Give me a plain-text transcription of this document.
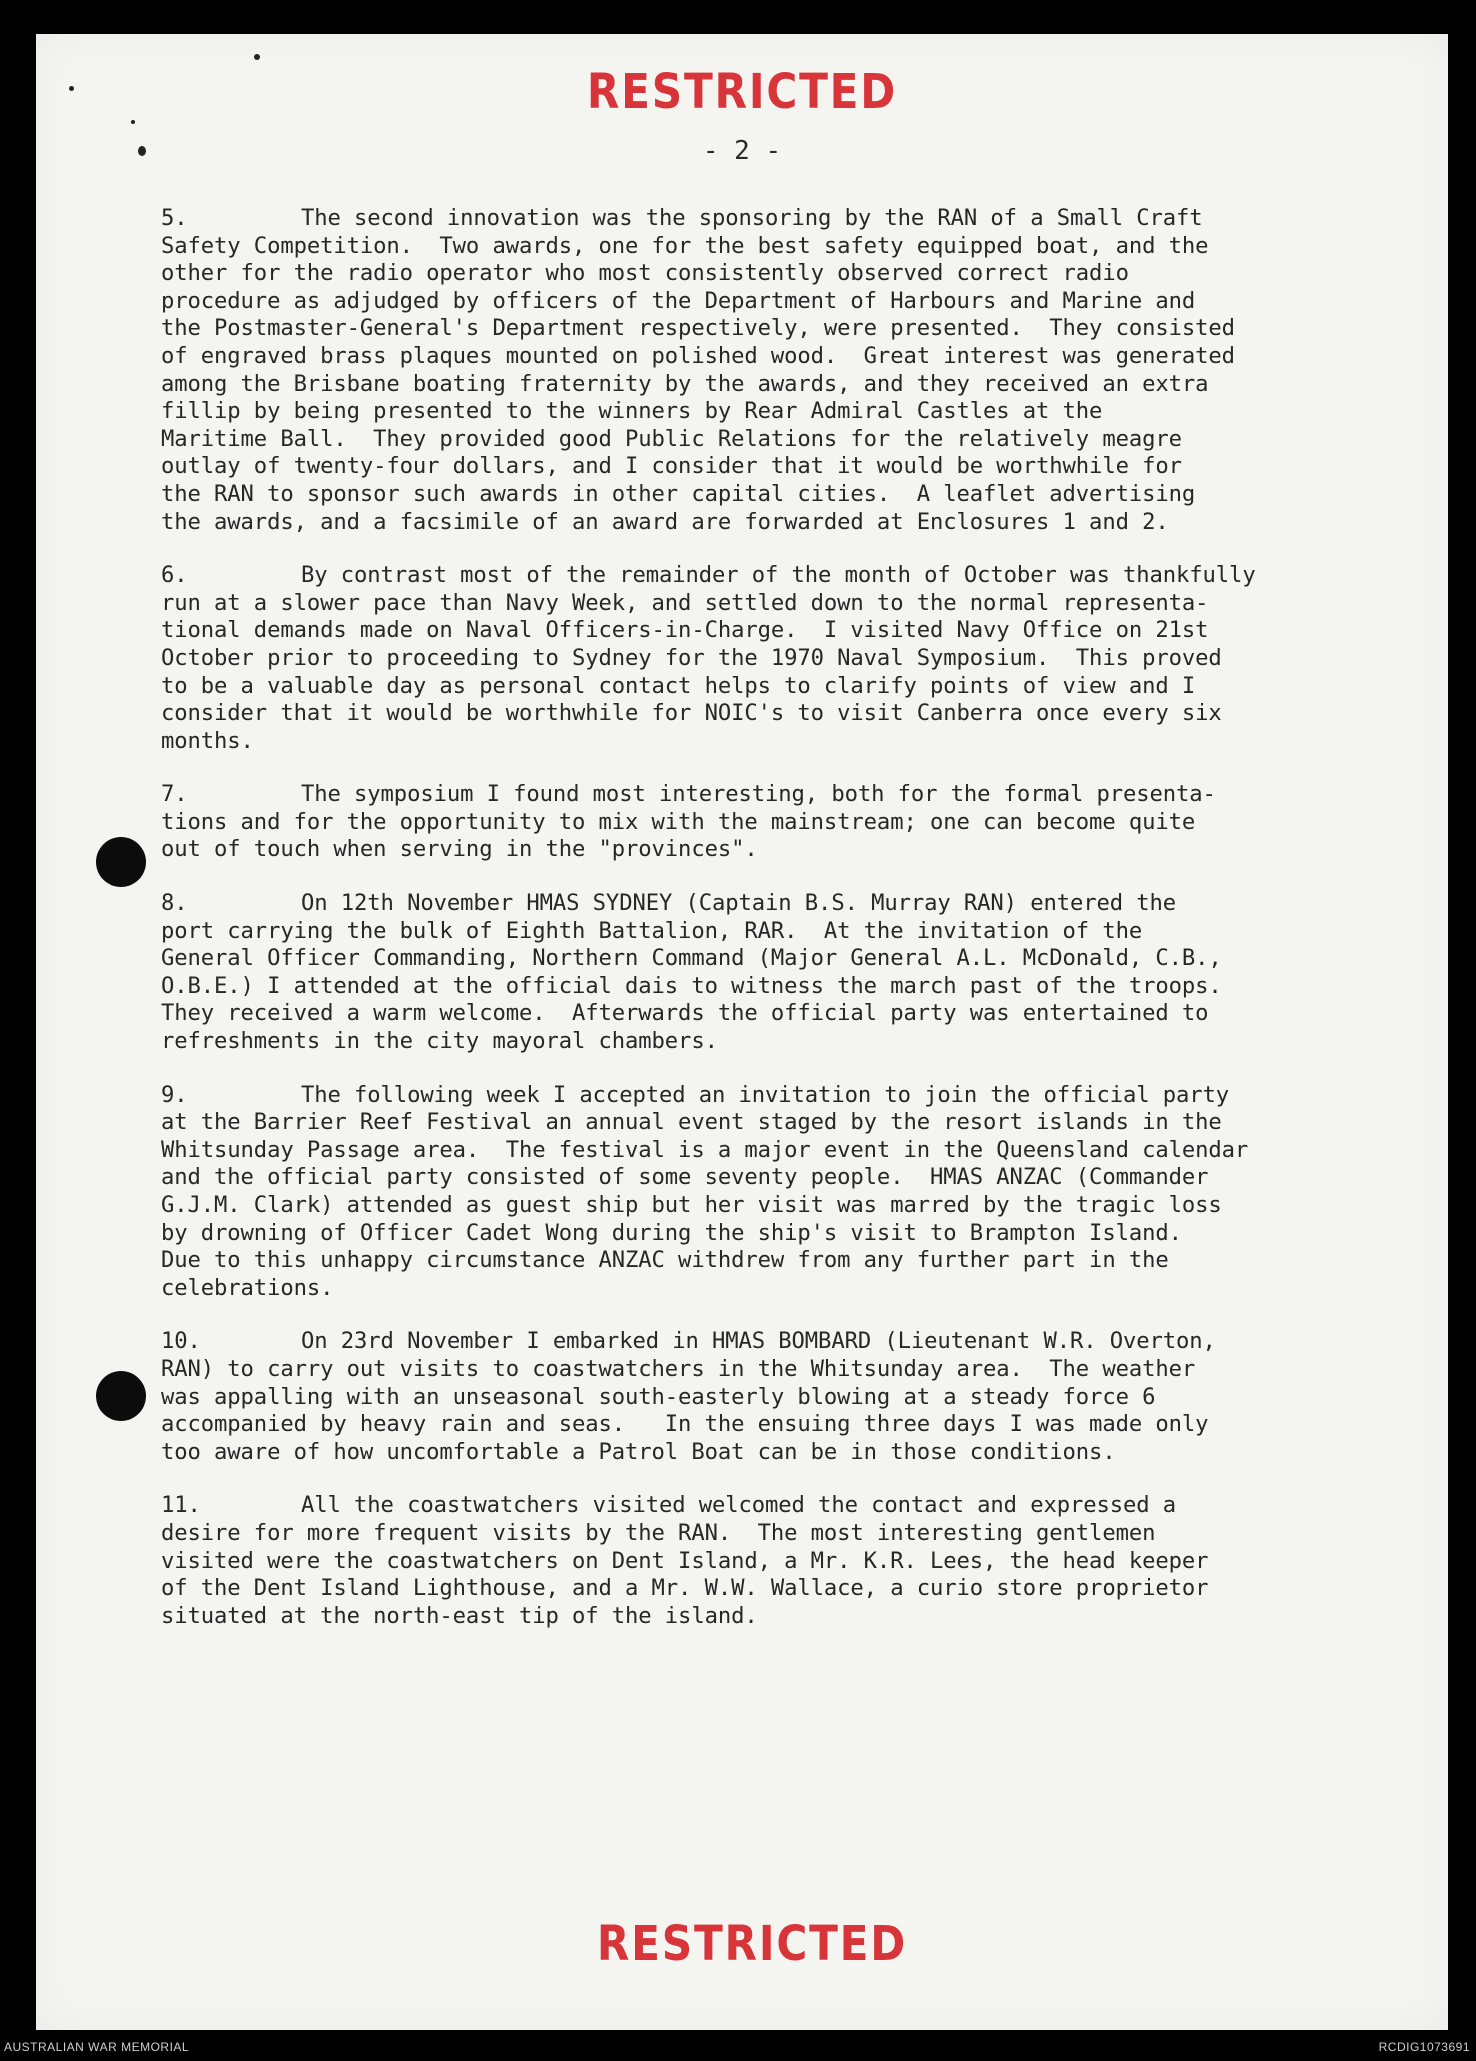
RESTRICTED
- 2 -
RESTRICTED
5.	The second innovation was the sponsoring by the RAN of a Small Craft
Safety Competition.  Two awards, one for the best safety equipped boat, and the
other for the radio operator who most consistently observed correct radio
procedure as adjudged by officers of the Department of Harbours and Marine and
the Postmaster-General's Department respectively, were presented.  They consisted
of engraved brass plaques mounted on polished wood.  Great interest was generated
among the Brisbane boating fraternity by the awards, and they received an extra
fillip by being presented to the winners by Rear Admiral Castles at the
Maritime Ball.  They provided good Public Relations for the relatively meagre
outlay of twenty-four dollars, and I consider that it would be worthwhile for
the RAN to sponsor such awards in other capital cities.  A leaflet advertising
the awards, and a facsimile of an award are forwarded at Enclosures 1 and 2.
6.	By contrast most of the remainder of the month of October was thankfully
run at a slower pace than Navy Week, and settled down to the normal representa-
tional demands made on Naval Officers-in-Charge.  I visited Navy Office on 21st
October prior to proceeding to Sydney for the 1970 Naval Symposium.  This proved
to be a valuable day as personal contact helps to clarify points of view and I
consider that it would be worthwhile for NOIC's to visit Canberra once every six
months.
7.	The symposium I found most interesting, both for the formal presenta-
tions and for the opportunity to mix with the mainstream; one can become quite
out of touch when serving in the "provinces".
8.	On 12th November HMAS SYDNEY (Captain B.S. Murray RAN) entered the
port carrying the bulk of Eighth Battalion, RAR.  At the invitation of the
General Officer Commanding, Northern Command (Major General A.L. McDonald, C.B.,
O.B.E.) I attended at the official dais to witness the march past of the troops.
They received a warm welcome.  Afterwards the official party was entertained to
refreshments in the city mayoral chambers.
9.	The following week I accepted an invitation to join the official party
at the Barrier Reef Festival an annual event staged by the resort islands in the
Whitsunday Passage area.  The festival is a major event in the Queensland calendar
and the official party consisted of some seventy people.  HMAS ANZAC (Commander
G.J.M. Clark) attended as guest ship but her visit was marred by the tragic loss
by drowning of Officer Cadet Wong during the ship's visit to Brampton Island.
Due to this unhappy circumstance ANZAC withdrew from any further part in the
celebrations.
10.	On 23rd November I embarked in HMAS BOMBARD (Lieutenant W.R. Overton,
RAN) to carry out visits to coastwatchers in the Whitsunday area.  The weather
was appalling with an unseasonal south-easterly blowing at a steady force 6
accompanied by heavy rain and seas.   In the ensuing three days I was made only
too aware of how uncomfortable a Patrol Boat can be in those conditions.
11.	All the coastwatchers visited welcomed the contact and expressed a
desire for more frequent visits by the RAN.  The most interesting gentlemen
visited were the coastwatchers on Dent Island, a Mr. K.R. Lees, the head keeper
of the Dent Island Lighthouse, and a Mr. W.W. Wallace, a curio store proprietor
situated at the north-east tip of the island.
AUSTRALIAN WAR MEMORIAL	RCDIG1073691
